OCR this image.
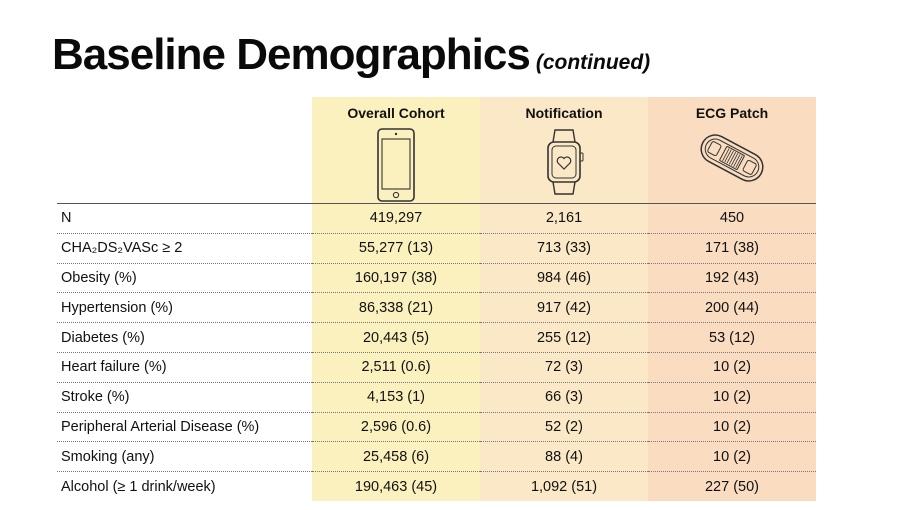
Baseline Demographics (continued)

	Overall Cohort	Notification	ECG Patch

N	419,297	2,161	450
CHA₂DS₂VASc ≥ 2	55,277 (13)	713 (33)	171 (38)
Obesity (%)	160,197 (38)	984 (46)	192 (43)
Hypertension (%)	86,338 (21)	917 (42)	200 (44)
Diabetes (%)	20,443 (5)	255 (12)	53 (12)
Heart failure (%)	2,511 (0.6)	72 (3)	10 (2)
Stroke (%)	4,153 (1)	66 (3)	10 (2)
Peripheral Arterial Disease (%)	2,596 (0.6)	52 (2)	10 (2)
Smoking (any)	25,458 (6)	88 (4)	10 (2)
Alcohol (≥ 1 drink/week)	190,463 (45)	1,092 (51)	227 (50)
